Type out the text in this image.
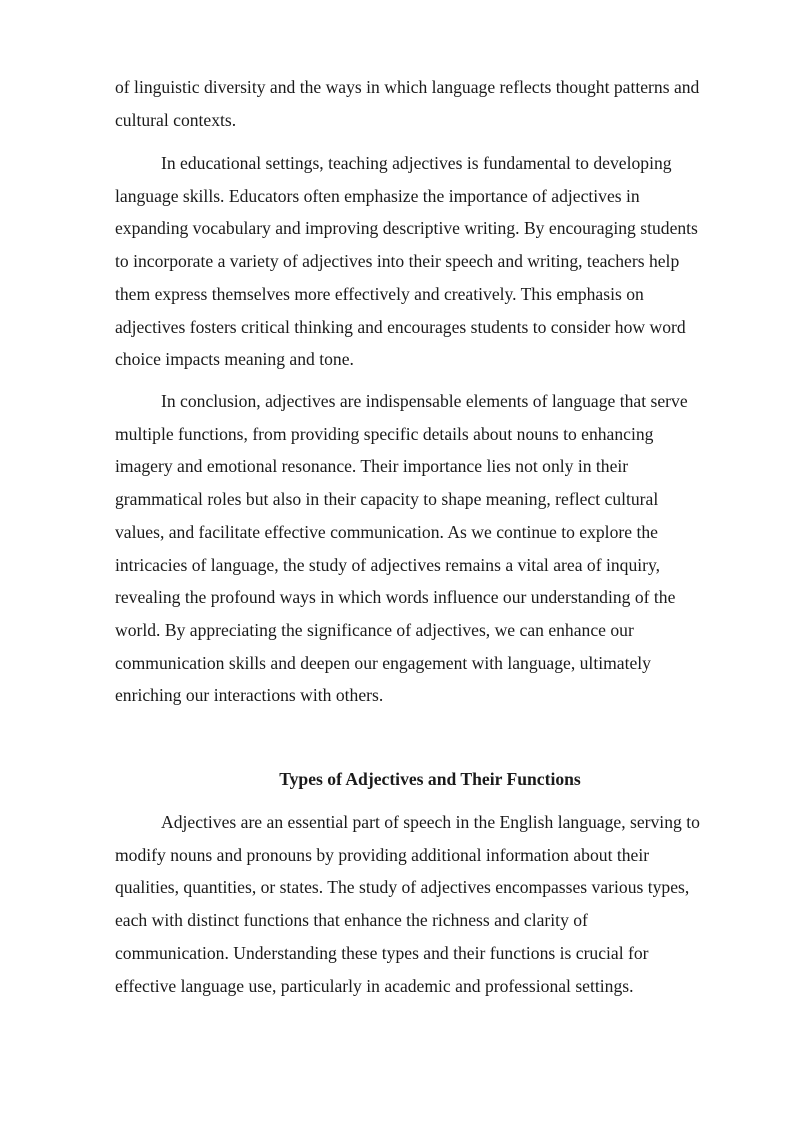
of linguistic diversity and the ways in which language reflects thought patterns and
cultural contexts.

In educational settings, teaching adjectives is fundamental to developing
language skills. Educators often emphasize the importance of adjectives in
expanding vocabulary and improving descriptive writing. By encouraging students
to incorporate a variety of adjectives into their speech and writing, teachers help
them express themselves more effectively and creatively. This emphasis on
adjectives fosters critical thinking and encourages students to consider how word
choice impacts meaning and tone.

In conclusion, adjectives are indispensable elements of language that serve
multiple functions, from providing specific details about nouns to enhancing
imagery and emotional resonance. Their importance lies not only in their
grammatical roles but also in their capacity to shape meaning, reflect cultural
values, and facilitate effective communication. As we continue to explore the
intricacies of language, the study of adjectives remains a vital area of inquiry,
revealing the profound ways in which words influence our understanding of the
world. By appreciating the significance of adjectives, we can enhance our
communication skills and deepen our engagement with language, ultimately
enriching our interactions with others.

Types of Adjectives and Their Functions

Adjectives are an essential part of speech in the English language, serving to
modify nouns and pronouns by providing additional information about their
qualities, quantities, or states. The study of adjectives encompasses various types,
each with distinct functions that enhance the richness and clarity of
communication. Understanding these types and their functions is crucial for
effective language use, particularly in academic and professional settings.
